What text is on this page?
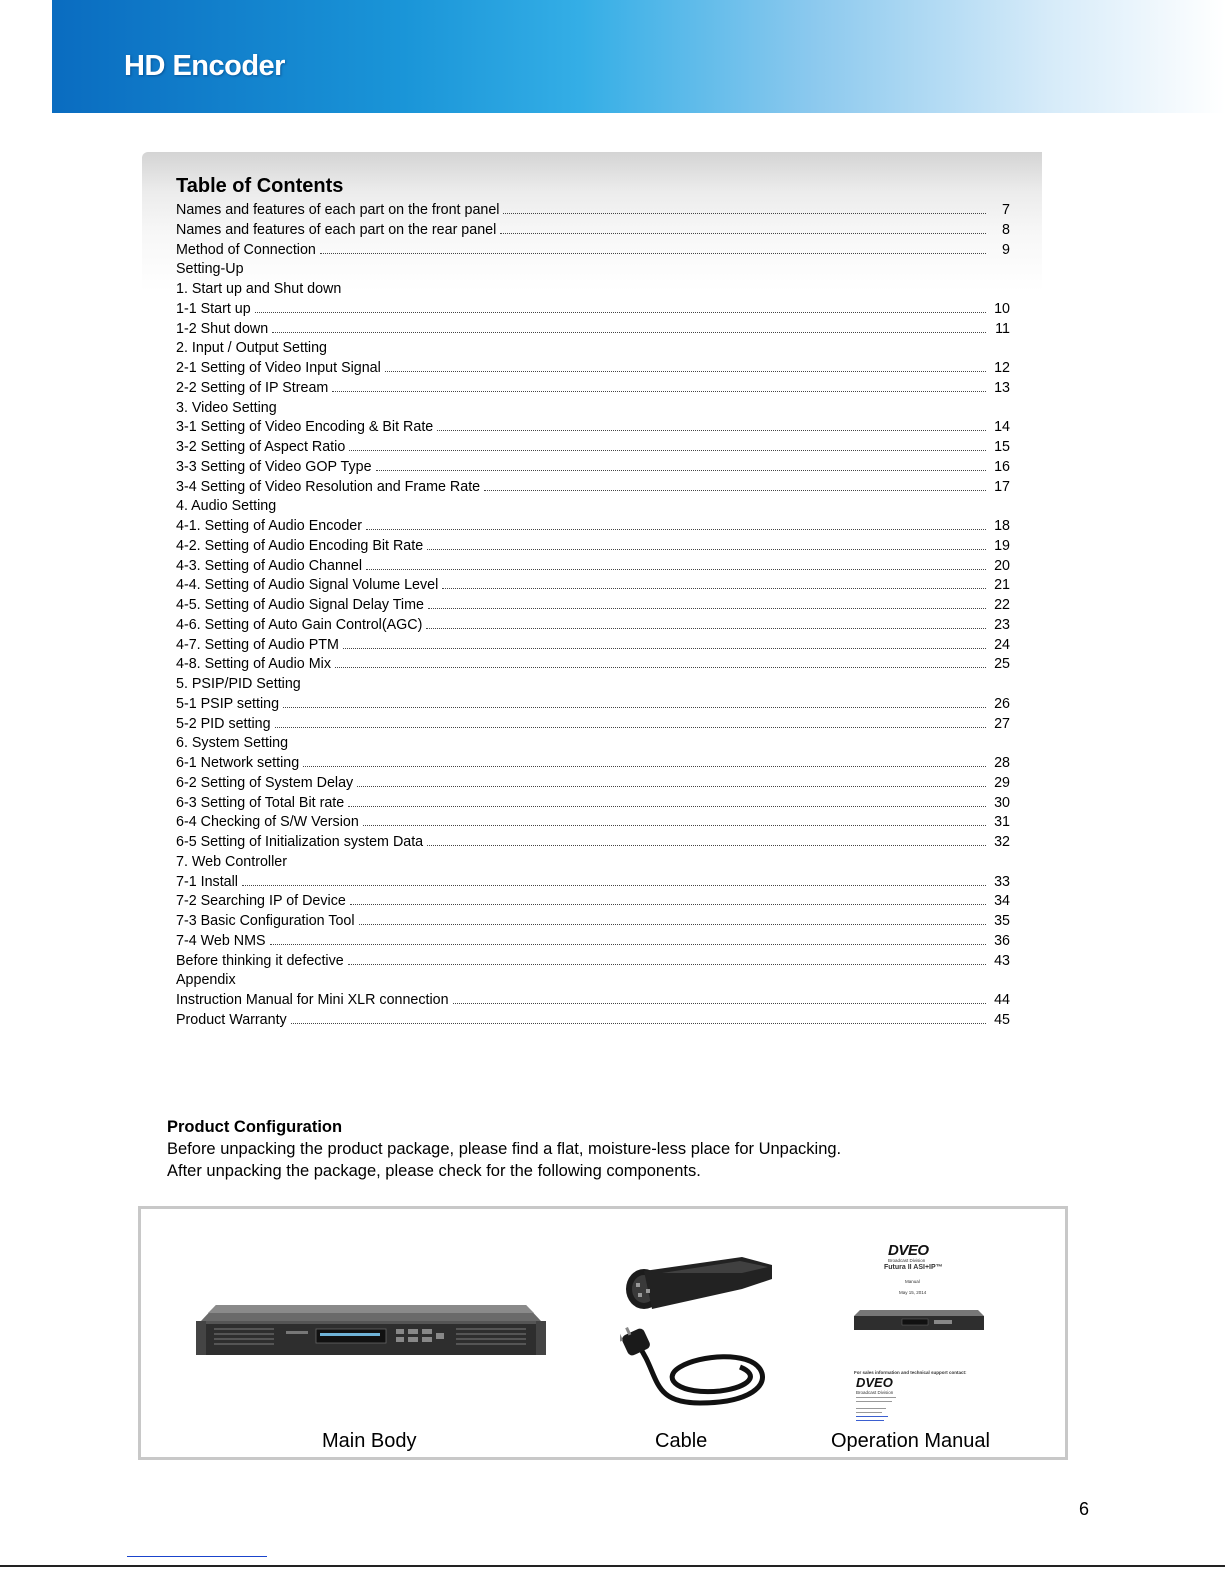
HD Encoder
Table of Contents
Names and features of each part on the front panel	7
Names and features of each part on the rear panel	8
Method of Connection	9
Setting-Up
1. Start up and Shut down
1-1 Start up	10
1-2 Shut down	11
2. Input / Output Setting
2-1 Setting of Video Input Signal	12
2-2 Setting of IP Stream	13
3. Video Setting
3-1 Setting of Video Encoding & Bit Rate	14
3-2 Setting of Aspect Ratio	15
3-3 Setting of Video GOP Type	16
3-4 Setting of Video Resolution and Frame Rate	17
4. Audio Setting
4-1. Setting of Audio Encoder	18
4-2. Setting of Audio Encoding Bit Rate	19
4-3. Setting of Audio Channel	20
4-4. Setting of Audio Signal Volume Level	21
4-5. Setting of Audio Signal Delay Time	22
4-6. Setting of Auto Gain Control(AGC)	23
4-7. Setting of Audio PTM	24
4-8. Setting of Audio Mix	25
5. PSIP/PID Setting
5-1 PSIP setting	26
5-2 PID setting	27
6. System Setting
6-1 Network setting	28
6-2 Setting of System Delay	29
6-3 Setting of Total Bit rate	30
6-4 Checking of S/W Version	31
6-5 Setting of Initialization system Data	32
7. Web Controller
7-1 Install	33
7-2 Searching IP of Device	34
7-3 Basic Configuration Tool	35
7-4 Web NMS	36
Before thinking it defective	43
Appendix
Instruction Manual for Mini XLR connection	44
Product Warranty	45
Product Configuration
Before unpacking the product package, please find a flat, moisture-less place for Unpacking.
After unpacking the package, please check for the following components.
DVEO
Broadcast Division
Futura II ASI+IP™
Manual
May 15, 2014
For sales information and technical support contact:
DVEO
Broadcast Division
Main Body	Cable	Operation Manual
6
